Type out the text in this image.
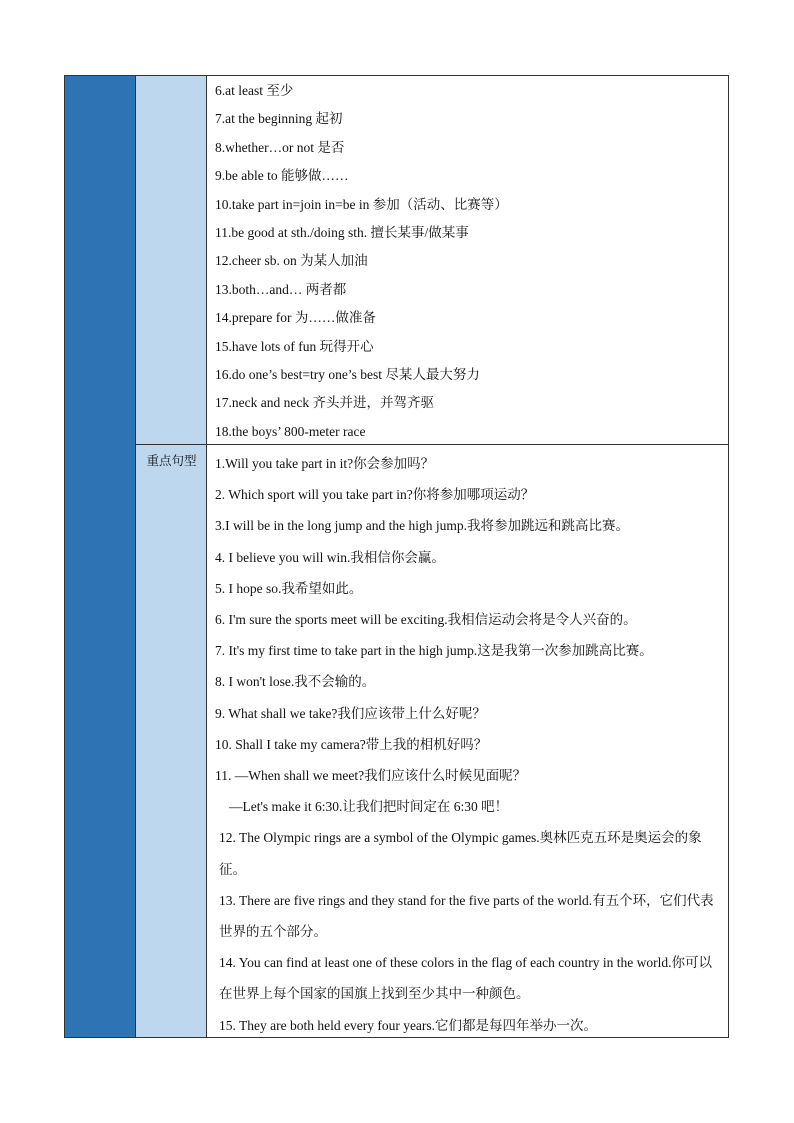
重点句型
6.at least 至少
7.at the beginning 起初
8.whether…or not 是否
9.be able to 能够做……
10.take part in=join in=be in 参加（活动、比赛等）
11.be good at sth./doing sth. 擅长某事/做某事
12.cheer sb. on 为某人加油
13.both…and… 两者都
14.prepare for 为……做准备
15.have lots of fun 玩得开心
16.do one’s best=try one’s best 尽某人最大努力
17.neck and neck 齐头并进，并驾齐驱
18.the boys’ 800-meter race
1.Will you take part in it?你会参加吗？
2. Which sport will you take part in?你将参加哪项运动？
3.I will be in the long jump and the high jump.我将参加跳远和跳高比赛。
4. I believe you will win.我相信你会赢。
5. I hope so.我希望如此。
6. I'm sure the sports meet will be exciting.我相信运动会将是令人兴奋的。
7. It's my first time to take part in the high jump.这是我第一次参加跳高比赛。
8. I won't lose.我不会输的。
9. What shall we take?我们应该带上什么好呢？
10. Shall I take my camera?带上我的相机好吗？
11. —When shall we meet?我们应该什么时候见面呢？
—Let's make it 6:30.让我们把时间定在 6:30 吧！
12. The Olympic rings are a symbol of the Olympic games.奥林匹克五环是奥运会的象征。
13. There are five rings and they stand for the five parts of the world.有五个环，它们代表世界的五个部分。
14. You can find at least one of these colors in the flag of each country in the world.你可以在世界上每个国家的国旗上找到至少其中一种颜色。
15. They are both held every four years.它们都是每四年举办一次。
